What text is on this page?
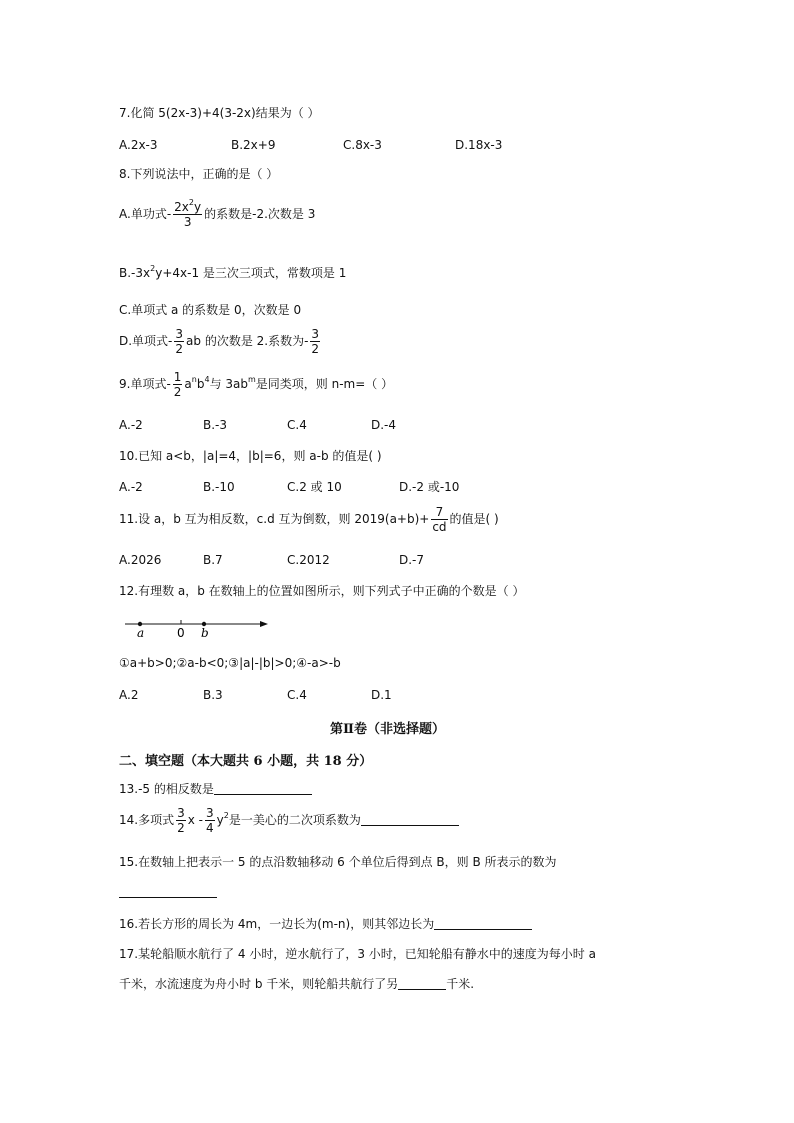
7.化简 5(2x-3)+4(3-2x)结果为（ ）
A.2x-3	B.2x+9	C.8x-3	D.18x-3
8.下列说法中，正确的是（ ）
A.单功式- $\frac{2x^2y}{3}$ 的系数是-2.次数是 3
$B.-3x^2y+4x-1$ 是三次三项式，常数项是 1
C.单项式 a 的系数是 0，次数是 0
D.单项式- $\frac{3}{2}$ ab 的次数是 2.系数为- $\frac{3}{2}$
9.单项式- $\frac{1}{2} a^nb^4$与 $3ab^m$是同类项，则 n-m=（ ）
A.-2	B.-3	C.4	D.-4
10.已知 a<b，|a|=4，|b|=6，则 a-b 的值是( )
A.-2	B.-10	C.2 或 10	D.-2 或-10
11.设 a，b 互为相反数，c.d 互为倒数，则 $2019(a+b)+ \frac{7}{cd}$ 的值是( )
A.2026	B.7	C.2012	D.-7
12.有理数 a，b 在数轴上的位置如图所示，则下列式子中正确的个数是（ ）
a	0 b
①a+b>0;②a-b<0;③|a|-|b|>0;④-a>-b
A.2	B.3	C.4	D.1
第Ⅱ卷（非选择题）
二、填空题（本大题共 6 小题，共 18 分）
13.-5 的相反数是
14.多项式 $\frac{3}{2}$ x - $\frac{3}{4} y^2$是一美心的二次项系数为
15.在数轴上把表示一 5 的点沿数轴移动 6 个单位后得到点 B，则 B 所表示的数为
16.若长方形的周长为 4m，一边长为(m-n)，则其邻边长为
17.某轮船顺水航行了 4 小时，逆水航行了，3 小时，已知轮船有静水中的速度为每小时 a
千米，水流速度为舟小时 b 千米，则轮船共航行了另	千米.
